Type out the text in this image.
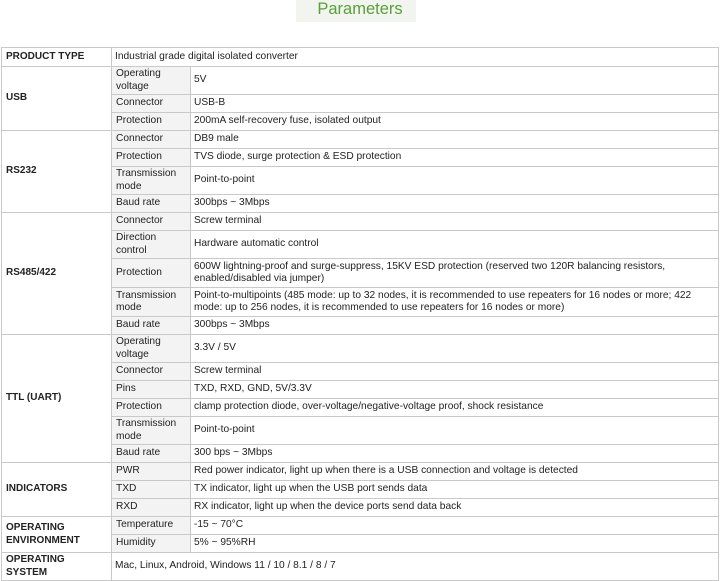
Parameters
PRODUCT TYPE	Industrial grade digital isolated converter	
USB	Operating voltage	5V
	Connector	USB-B
	Protection	200mA self-recovery fuse, isolated output
RS232	Connector	DB9 male
	Protection	TVS diode, surge protection & ESD protection
	Transmission mode	Point-to-point
	Baud rate	300bps ~ 3Mbps
RS485/422	Connector	Screw terminal
	Direction control	Hardware automatic control
	Protection	600W lightning-proof and surge-suppress, 15KV ESD protection (reserved two 120R balancing resistors, enabled/disabled via jumper)
	Transmission mode	Point-to-multipoints (485 mode: up to 32 nodes, it is recommended to use repeaters for 16 nodes or more; 422 mode: up to 256 nodes, it is recommended to use repeaters for 16 nodes or more)
	Baud rate	300bps ~ 3Mbps
TTL (UART)	Operating voltage	3.3V / 5V
	Connector	Screw terminal
	Pins	TXD, RXD, GND, 5V/3.3V
	Protection	clamp protection diode, over-voltage/negative-voltage proof, shock resistance
	Transmission mode	Point-to-point
	Baud rate	300 bps ~ 3Mbps
INDICATORS	PWR	Red power indicator, light up when there is a USB connection and voltage is detected
	TXD	TX indicator, light up when the USB port sends data
	RXD	RX indicator, light up when the device ports send data back
OPERATING ENVIRONMENT	Temperature	-15 ~ 70°C
	Humidity	5% ~ 95%RH
OPERATING SYSTEM	Mac, Linux, Android, Windows 11 / 10 / 8.1 / 8 / 7	
